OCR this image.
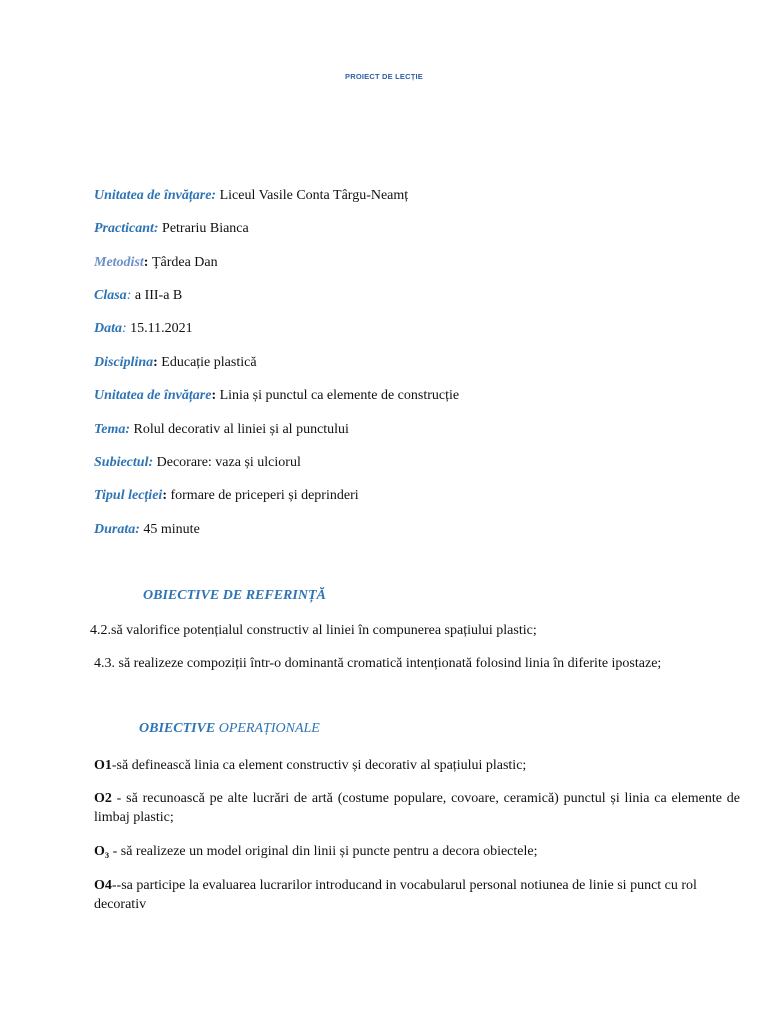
PROIECT DE LECȚIE
Unitatea de învățare: Liceul Vasile Conta Târgu-Neamț
Practicant: Petrariu Bianca
Metodist: Țârdea Dan
Clasa: a III-a B
Data: 15.11.2021
Disciplina: Educație plastică
Unitatea de învățare: Linia și punctul ca elemente de construcție
Tema: Rolul decorativ al liniei și al punctului
Subiectul: Decorare: vaza și ulciorul
Tipul lecției: formare de priceperi și deprinderi
Durata: 45 minute
OBIECTIVE DE REFERINȚĂ
4.2.să valorifice potențialul constructiv al liniei în compunerea spațiului plastic;
4.3. să realizeze compoziții într-o dominantă cromatică intenționată folosind linia în diferite ipostaze;
OBIECTIVE OPERAȚIONALE
O1-să definească linia ca element constructiv și decorativ al spațiului plastic;
O2 - să recunoască pe alte lucrări de artă (costume populare, covoare, ceramică) punctul și linia ca elemente de limbaj plastic;
O₃ - să realizeze un model original din linii și puncte pentru a decora obiectele;
O4--sa participe la evaluarea lucrarilor introducand in vocabularul personal notiunea de linie si punct cu rol decorativ
